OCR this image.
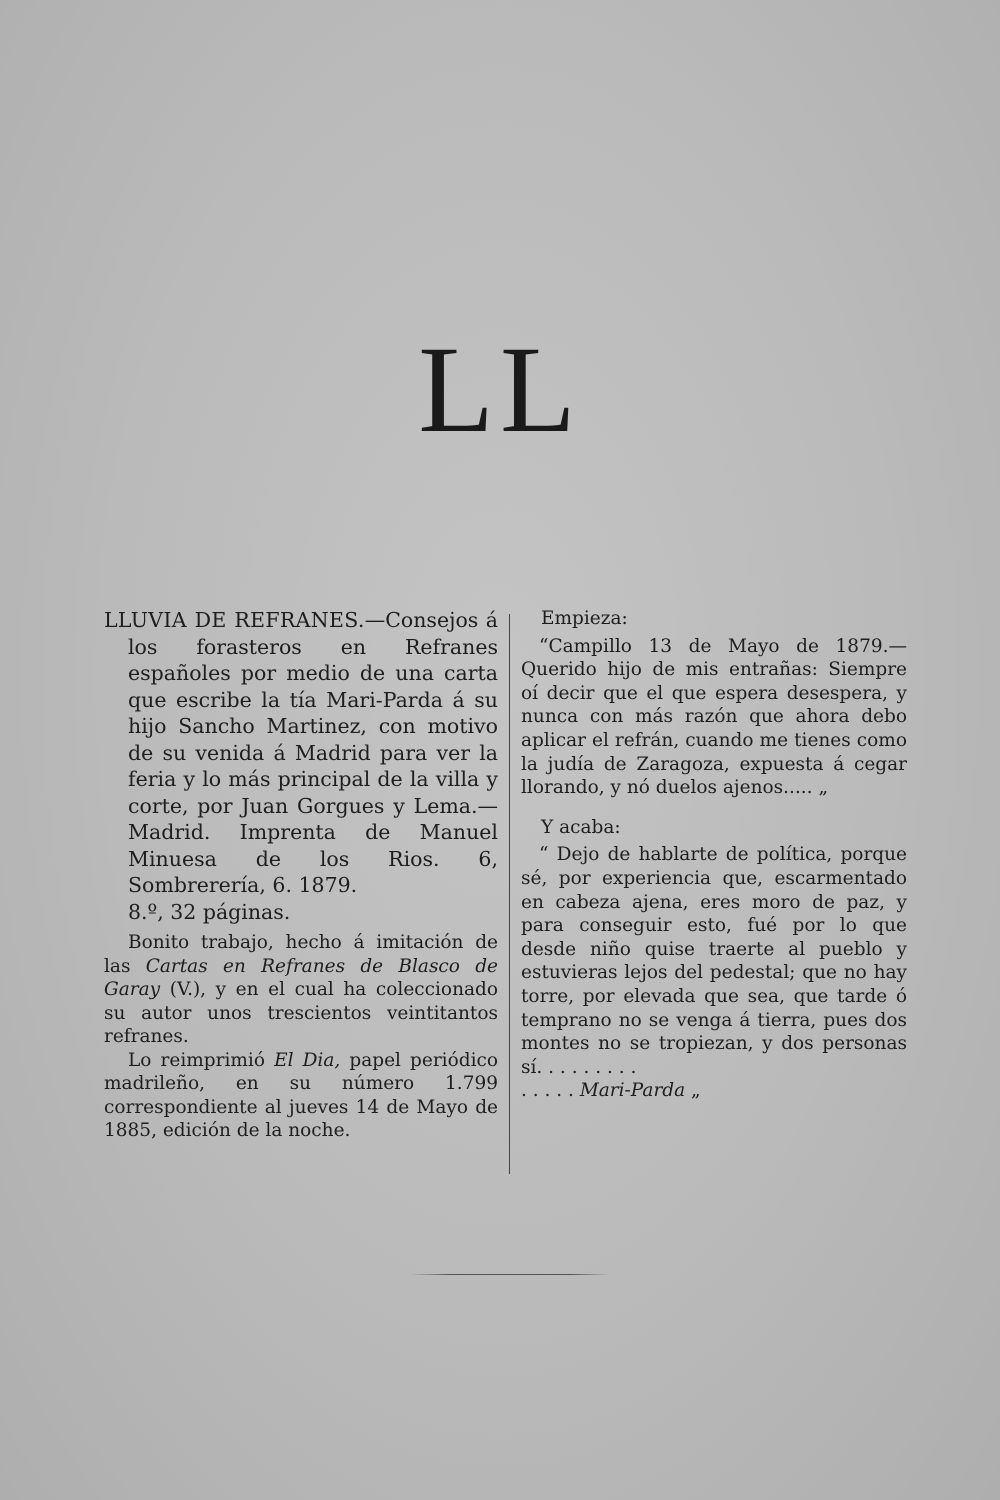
LL

LLUVIA DE REFRANES.—Consejos á los forasteros en Refranes españoles por medio de una carta que escribe la tía Mari-Parda á su hijo Sancho Martinez, con motivo de su venida á Madrid para ver la feria y lo más principal de la villa y corte, por Juan Gorgues y Lema.—Madrid. Imprenta de Manuel Minuesa de los Rios. 6, Sombrerería, 6. 1879.
8.º, 32 páginas.

Bonito trabajo, hecho á imitación de las Cartas en Refranes de Blasco de Garay (V.), y en el cual ha coleccionado su autor unos trescientos veintitantos refranes.

Lo reimprimió El Dia, papel periódico madrileño, en su número 1.799 correspondiente al jueves 14 de Mayo de 1885, edición de la noche.

Empieza:

“Campillo 13 de Mayo de 1879.—Querido hijo de mis entrañas: Siempre oí decir que el que espera desespera, y nunca con más razón que ahora debo aplicar el refrán, cuando me tienes como la judía de Zaragoza, expuesta á cegar llorando, y nó duelos ajenos..... „

Y acaba:

“ Dejo de hablarte de política, porque sé, por experiencia que, escarmentado en cabeza ajena, eres moro de paz, y para conseguir esto, fué por lo que desde niño quise traerte al pueblo y estuvieras lejos del pedestal; que no hay torre, por elevada que sea, que tarde ó temprano no se venga á tierra, pues dos montes no se tropiezan, y dos personas sí. . . . . . . . .

. . . . . Mari-Parda „
